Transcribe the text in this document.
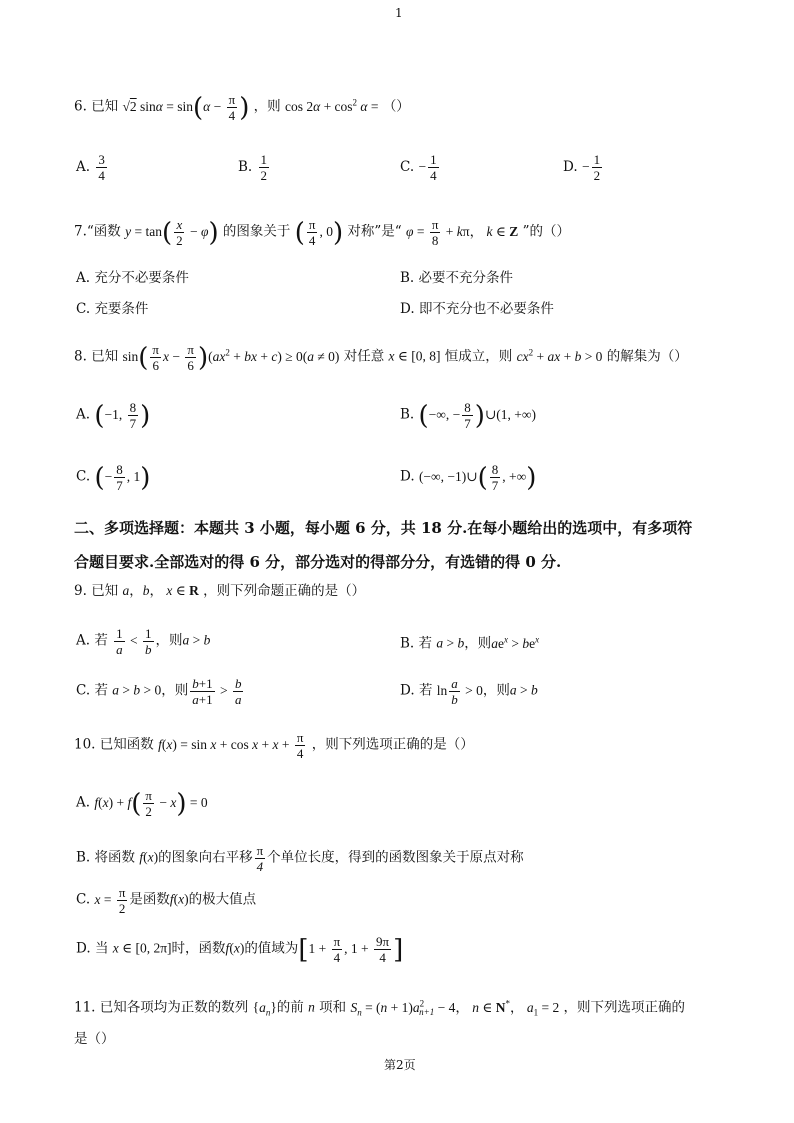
1
6. 已知 √2 $\sin\alpha = \sin(\alpha - \frac{\pi}{4}$ ) ，则 $\cos 2\alpha + \cos^2 \alpha$ = （）
A. $\frac{3}{4}$	B. $\frac{1}{2}$	C. − $\frac{1}{4}$	D. − $\frac{1}{2}$
7.“函数 $y = \tan( \frac{x}{2} - \varphi)$ 的图象关于 ( $\frac{\pi}{4}$ , 0) 对称”是“ $\varphi = \frac{\pi}{8} + k\pi$， k ∈ Z ”的（）
A. 充分不必要条件	B. 必要不充分条件
C. 充要条件	D. 即不充分也不必要条件
8. 已知 $\sin( \frac{\pi}{6}$ $x - \frac{\pi}{6} )(ax^2$ + bx + c) ≥ 0(a ≠ 0) 对任意 x ∈ [0, 8] 恒成立，则 $cx^2$ + ax + b > 0 的解集为（）
A. (−1, $\frac{8}{7}$ )	B. (−∞, − $\frac{8}{7}$ )∪(1, +∞)
C. (− $\frac{8}{7}$ , 1)	D. (−∞, −1)∪( $\frac{8}{7}$ , +∞)
二、多项选择题：本题共 3 小题，每小题 6 分，共 18 分.在每小题给出的选项中，有多项符
合题目要求.全部选对的得 6 分，部分选对的得部分分，有选错的得 0 分.
9. 已知 a，b， x ∈ R ，则下列命题正确的是（）
A. 若 $\frac{1}{a} < \frac{1}{b}$ ，则a > b	B. 若 a > b，则$ae^x > be^x$
C. 若 a > b > 0，则 $\frac{b+1}{a+1} > \frac{b}{a}$	D. 若 $\ln \frac{a}{b} > 0$，则a > b
10. 已知函数 $f(x) = \sin x + \cos x + x + \frac{\pi}{4}$ ，则下列选项正确的是（）
A. $f(x) + f( \frac{\pi}{2} - x) = 0$
B. 将函数 f(x)的图象向右平移 $\frac{\pi}{4}$ 个单位长度，得到的函数图象关于原点对称
C. $x = \frac{\pi}{2}$ 是函数f(x)的极大值点
D. 当 x ∈ [0, 2π]时，函数f(x)的值域为[$1 + \frac{\pi}{4}$ , $1 + \frac{9\pi}{4}$ ]
11. 已知各项均为正数的数列 $\{a_n\}$的前 n 项和 $S_n = (n + 1)a^2_{n+1} - 4$， n ∈ N*， $a_1 = 2$ ，则下列选项正确的
是（）
第2页
